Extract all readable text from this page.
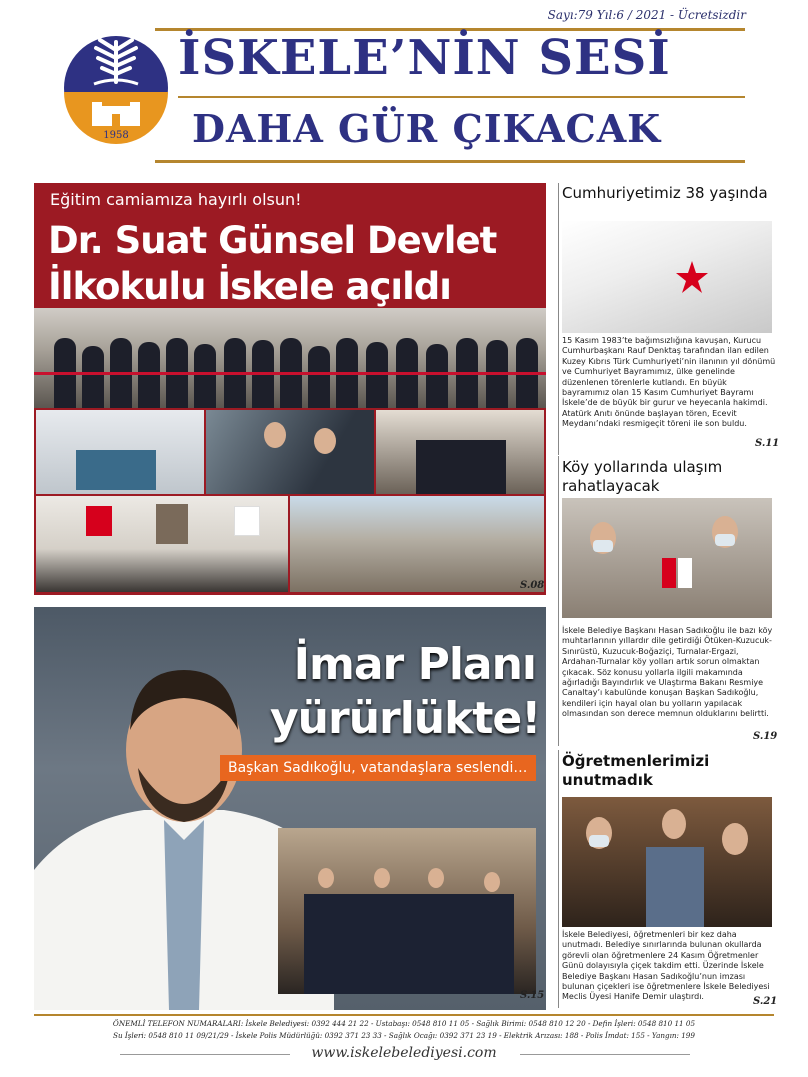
Sayı:79 Yıl:6 / 2021 - Ücretsizdir
1958
İSKELE BELEDİYESİ
İSKELE’NİN SESİ
DAHA GÜR ÇIKACAK
Eğitim camiamıza hayırlı olsun!
Dr. Suat Günsel Devlet İlkokulu İskele açıldı
S.08
İmar Planı
yürürlükte!
Başkan Sadıkoğlu, vatandaşlara seslendi…
S.15
Cumhuriyetimiz 38 yaşında
15 Kasım 1983’te bağımsızlığına kavuşan, Kurucu Cumhurbaşkanı Rauf Denktaş tarafından ilan edilen Kuzey Kıbrıs Türk Cumhuriyeti’nin ilanının yıl dönümü ve Cumhuriyet Bayramımız, ülke genelinde düzenlenen törenlerle kutlandı. En büyük bayramımız olan 15 Kasım Cumhuriyet Bayramı İskele’de de büyük bir gurur ve heyecanla hakimdi. Atatürk Anıtı önünde başlayan tören, Ecevit Meydanı’ndaki resmigeçit töreni ile son buldu.
S.11
Köy yollarında ulaşım rahatlayacak
İskele Belediye Başkanı Hasan Sadıkoğlu ile bazı köy muhtarlarının yıllardır dile getirdiği Ötüken-Kuzucuk-Sınırüstü, Kuzucuk-Boğaziçi, Turnalar-Ergazi, Ardahan-Turnalar köy yolları artık sorun olmaktan çıkacak. Söz konusu yollarla ilgili makamında ağırladığı Bayındırlık ve Ulaştırma Bakanı Resmiye Canaltay’ı kabulünde konuşan Başkan Sadıkoğlu, kendileri için hayal olan bu yolların yapılacak olmasından son derece memnun olduklarını belirtti.
S.19
Öğretmenlerimizi unutmadık
İskele Belediyesi, öğretmenleri bir kez daha unutmadı. Belediye sınırlarında bulunan okullarda görevli olan öğretmenlere 24 Kasım Öğretmenler Günü dolayısıyla çiçek takdim etti. Üzerinde İskele Belediye Başkanı Hasan Sadıkoğlu’nun imzası bulunan çiçekleri ise öğretmenlere İskele Belediyesi Meclis Üyesi Hanife Demir ulaştırdı.	S.21
ÖNEMLİ TELEFON NUMARALARI: İskele Belediyesi: 0392 444 21 22 - Ustabaşı: 0548 810 11 05 - Sağlık Birimi: 0548 810 12 20 - Defin İşleri: 0548 810 11 05
Su İşleri: 0548 810 11 09/21/29 - İskele Polis Müdürlüğü: 0392 371 23 33 - Sağlık Ocağı: 0392 371 23 19 - Elektrik Arızası: 188 - Polis İmdat: 155 - Yangın: 199
www.iskelebelediyesi.com
